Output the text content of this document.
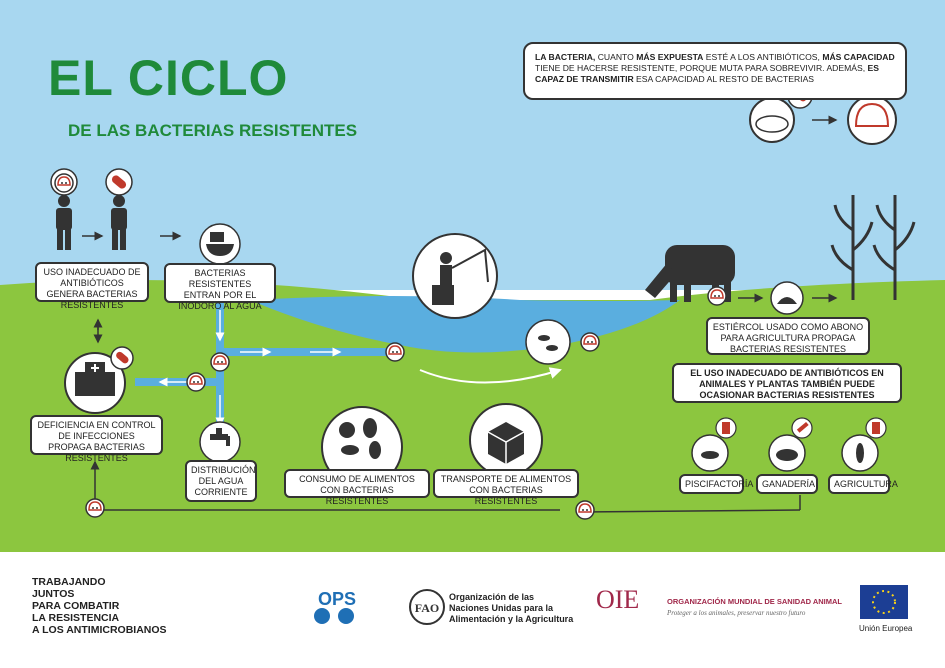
FAO
EL CICLO
DE LAS BACTERIAS RESISTENTES
LA BACTERIA, CUANTO MÁS EXPUESTA ESTÉ A LOS ANTIBIÓTICOS, MÁS CAPACIDAD TIENE DE HACERSE RESISTENTE, PORQUE MUTA PARA SOBREVIVIR. ADEMÁS, ES CAPAZ DE TRANSMITIR ESA CAPACIDAD AL RESTO DE BACTERIAS
USO INADECUADO DE ANTIBIÓTICOS GENERA BACTERIAS RESISTENTES
BACTERIAS RESISTENTES ENTRAN POR EL INODORO AL AGUA
DEFICIENCIA EN CONTROL DE INFECCIONES PROPAGA BACTERIAS RESISTENTES
DISTRIBUCIÓN DEL AGUA CORRIENTE
CONSUMO DE ALIMENTOS CON BACTERIAS RESISTENTES
TRANSPORTE DE ALIMENTOS CON BACTERIAS RESISTENTES
ESTIÉRCOL USADO COMO ABONO PARA AGRICULTURA PROPAGA BACTERIAS RESISTENTES
EL USO INADECUADO DE ANTIBIÓTICOS EN ANIMALES Y PLANTAS TAMBIÉN PUEDE OCASIONAR BACTERIAS RESISTENTES
PISCIFACTORÍA GANADERÍA	AGRICULTURA
TRABAJANDO
JUNTOS
PARA COMBATIR
LA RESISTENCIA
A LOS ANTIMICROBIANOS
OPS	Organización de las Naciones Unidas para la Alimentación y la Agricultura
OIE	ORGANIZACIÓN MUNDIAL DE SANIDAD ANIMAL
Proteger a los animales, preservar nuestro futuro
Unión Europea
